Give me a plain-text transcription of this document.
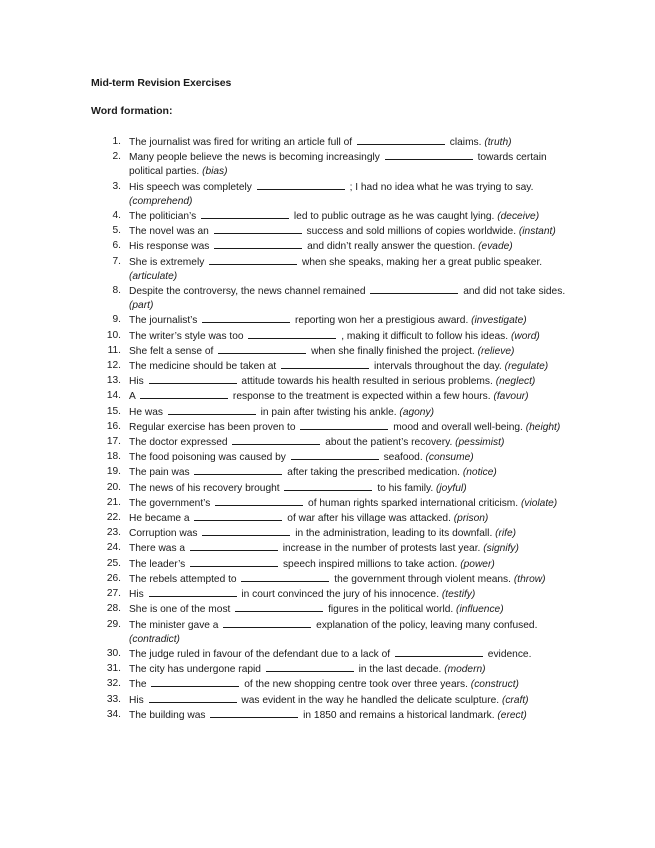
Mid-term Revision Exercises
Word formation:
1. The journalist was fired for writing an article full of	claims. (truth)
2. Many people believe the news is becoming increasingly	towards certain political parties. (bias)
3. His speech was completely	; I had no idea what he was trying to say. (comprehend)
4. The politician’s	led to public outrage as he was caught lying. (deceive)
5. The novel was an	success and sold millions of copies worldwide. (instant)
6. His response was	and didn’t really answer the question. (evade)
7. She is extremely	when she speaks, making her a great public speaker. (articulate)
8. Despite the controversy, the news channel remained	and did not take sides. (part)
9. The journalist’s	reporting won her a prestigious award. (investigate)
10. The writer’s style was too	, making it difficult to follow his ideas. (word)
11. She felt a sense of	when she finally finished the project. (relieve)
12. The medicine should be taken at	intervals throughout the day. (regulate)
13. His	attitude towards his health resulted in serious problems. (neglect)
14. A	response to the treatment is expected within a few hours. (favour)
15. He was	in pain after twisting his ankle. (agony)
16. Regular exercise has been proven to	mood and overall well-being. (height)
17. The doctor expressed	about the patient’s recovery. (pessimist)
18. The food poisoning was caused by	seafood. (consume)
19. The pain was	after taking the prescribed medication. (notice)
20. The news of his recovery brought	to his family. (joyful)
21. The government’s	of human rights sparked international criticism. (violate)
22. He became a	of war after his village was attacked. (prison)
23. Corruption was	in the administration, leading to its downfall. (rife)
24. There was a	increase in the number of protests last year. (signify)
25. The leader’s	speech inspired millions to take action. (power)
26. The rebels attempted to	the government through violent means. (throw)
27. His	in court convinced the jury of his innocence. (testify)
28. She is one of the most	figures in the political world. (influence)
29. The minister gave a	explanation of the policy, leaving many confused. (contradict)
30. The judge ruled in favour of the defendant due to a lack of	evidence.
31. The city has undergone rapid	in the last decade. (modern)
32. The	of the new shopping centre took over three years. (construct)
33. His	was evident in the way he handled the delicate sculpture. (craft)
34. The building was	in 1850 and remains a historical landmark. (erect)
